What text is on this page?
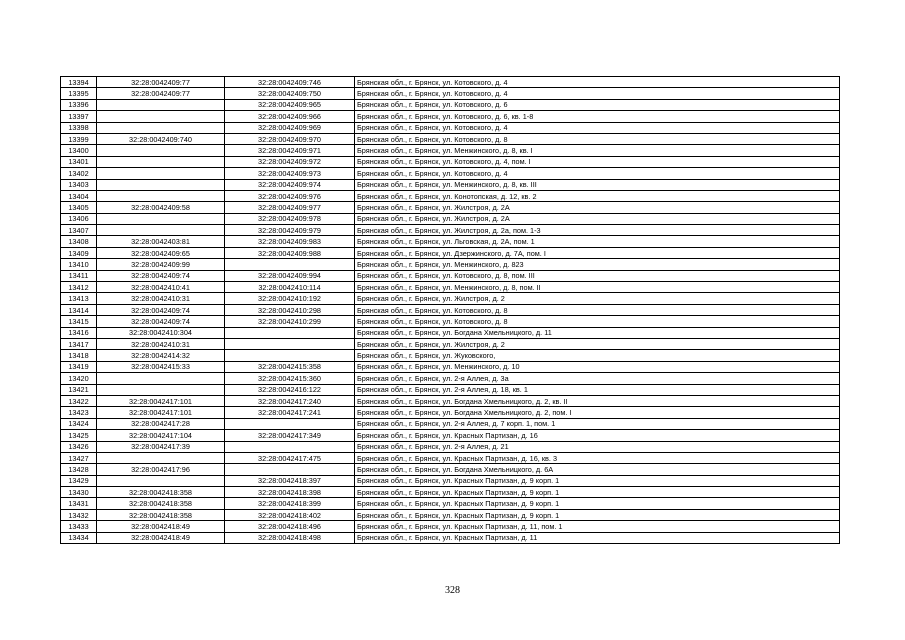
13394	32:28:0042409:77	32:28:0042409:746	Брянская обл., г. Брянск, ул. Котовского, д. 4
13395	32:28:0042409:77	32:28:0042409:750	Брянская обл., г. Брянск, ул. Котовского, д. 4
13396		32:28:0042409:965	Брянская обл., г. Брянск, ул. Котовского, д. 6
13397		32:28:0042409:966	Брянская обл., г. Брянск, ул. Котовского, д. 6, кв. 1-8
13398		32:28:0042409:969	Брянская обл., г. Брянск, ул. Котовского, д. 4
13399	32:28:0042409:740	32:28:0042409:970	Брянская обл., г. Брянск, ул. Котовского, д. 8
13400		32:28:0042409:971	Брянская обл., г. Брянск, ул. Менжинского, д. 8, кв. I
13401		32:28:0042409:972	Брянская обл., г. Брянск, ул. Котовского, д. 4, пом. I
13402		32:28:0042409:973	Брянская обл., г. Брянск, ул. Котовского, д. 4
13403		32:28:0042409:974	Брянская обл., г. Брянск, ул. Менжинского, д. 8, кв. III
13404		32:28:0042409:976	Брянская обл., г. Брянск, ул. Конотопская, д. 12, кв. 2
13405	32:28:0042409:58	32:28:0042409:977	Брянская обл., г. Брянск, ул. Жилстроя, д. 2А
13406		32:28:0042409:978	Брянская обл., г. Брянск, ул. Жилстроя, д. 2А
13407		32:28:0042409:979	Брянская обл., г. Брянск, ул. Жилстроя, д. 2а, пом. 1-3
13408	32:28:0042403:81	32:28:0042409:983	Брянская обл., г. Брянск, ул. Льговская, д. 2А, пом. 1
13409	32:28:0042409:65	32:28:0042409:988	Брянская обл., г. Брянск, ул. Дзержинского, д. 7А, пом. I
13410	32:28:0042409:99		Брянская обл., г. Брянск, ул. Менжинского, д. 823
13411	32:28:0042409:74	32:28:0042409:994	Брянская обл., г. Брянск, ул. Котовского, д. 8, пом. III
13412	32:28:0042410:41	32:28:0042410:114	Брянская обл., г. Брянск, ул. Менжинского, д. 8, пом. II
13413	32:28:0042410:31	32:28:0042410:192	Брянская обл., г. Брянск, ул. Жилстроя, д. 2
13414	32:28:0042409:74	32:28:0042410:298	Брянская обл., г. Брянск, ул. Котовского, д. 8
13415	32:28:0042409:74	32:28:0042410:299	Брянская обл., г. Брянск, ул. Котовского, д. 8
13416	32:28:0042410:304		Брянская обл., г. Брянск, ул. Богдана Хмельницкого, д. 11
13417	32:28:0042410:31		Брянская обл., г. Брянск, ул. Жилстроя, д. 2
13418	32:28:0042414:32		Брянская обл., г. Брянск, ул. Жуковского,
13419	32:28:0042415:33	32:28:0042415:358	Брянская обл., г. Брянск, ул. Менжинского, д. 10
13420		32:28:0042415:360	Брянская обл., г. Брянск, ул. 2-я Аллея, д. 3а
13421		32:28:0042416:122	Брянская обл., г. Брянск, ул. 2-я Аллея, д. 18, кв. 1
13422	32:28:0042417:101	32:28:0042417:240	Брянская обл., г. Брянск, ул. Богдана Хмельницкого, д. 2, кв. II
13423	32:28:0042417:101	32:28:0042417:241	Брянская обл., г. Брянск, ул. Богдана Хмельницкого, д. 2, пом. I
13424	32:28:0042417:28		Брянская обл., г. Брянск, ул. 2-я Аллея, д. 7 корп. 1, пом. 1
13425	32:28:0042417:104	32:28:0042417:349	Брянская обл., г. Брянск, ул. Красных Партизан, д. 16
13426	32:28:0042417:39		Брянская обл., г. Брянск, ул. 2-я Аллея, д. 21
13427		32:28:0042417:475	Брянская обл., г. Брянск, ул. Красных Партизан, д. 16, кв. 3
13428	32:28:0042417:96		Брянская обл., г. Брянск, ул. Богдана Хмельницкого, д. 6А
13429		32:28:0042418:397	Брянская обл., г. Брянск, ул. Красных Партизан, д. 9 корп. 1
13430	32:28:0042418:358	32:28:0042418:398	Брянская обл., г. Брянск, ул. Красных Партизан, д. 9 корп. 1
13431	32:28:0042418:358	32:28:0042418:399	Брянская обл., г. Брянск, ул. Красных Партизан, д. 9 корп. 1
13432	32:28:0042418:358	32:28:0042418:402	Брянская обл., г. Брянск, ул. Красных Партизан, д. 9 корп. 1
13433	32:28:0042418:49	32:28:0042418:496	Брянская обл., г. Брянск, ул. Красных Партизан, д. 11, пом. 1
13434	32:28:0042418:49	32:28:0042418:498	Брянская обл., г. Брянск, ул. Красных Партизан, д. 11
328
